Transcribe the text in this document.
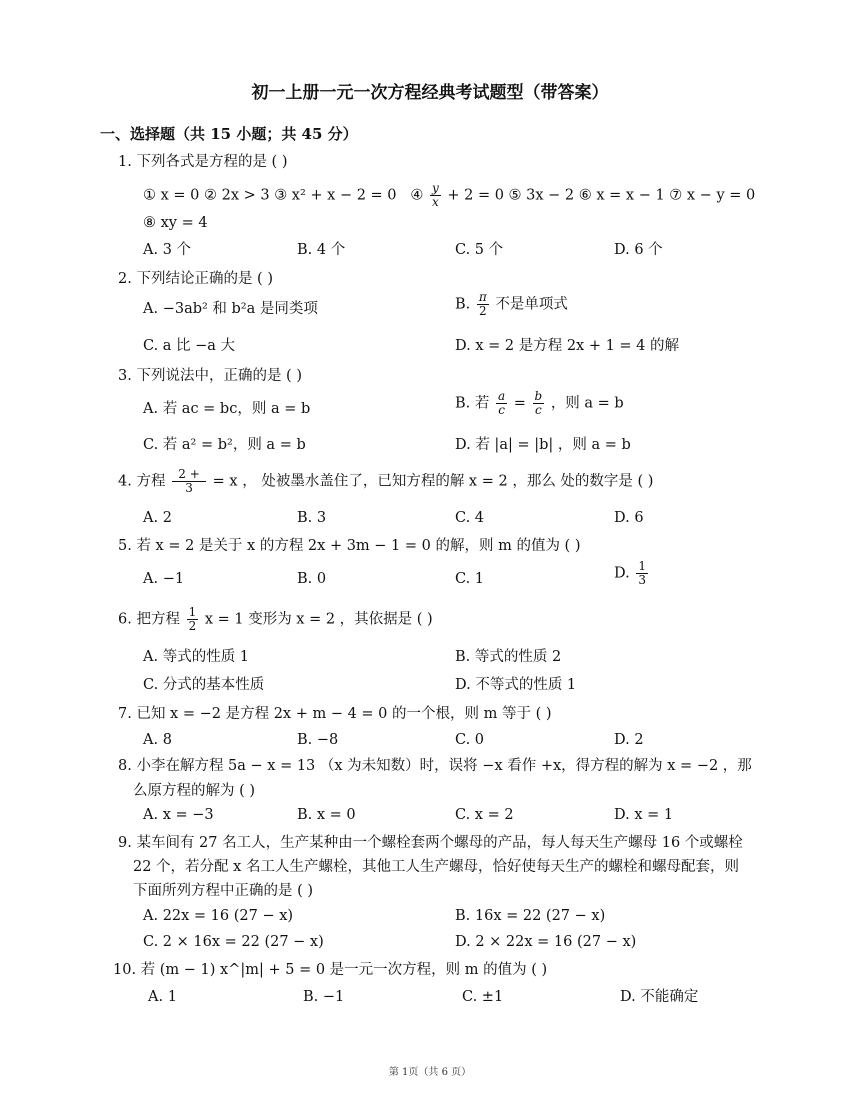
初一上册一元一次方程经典考试题型（带答案）
一、选择题（共 15 小题；共 45 分）
1. 下列各式是方程的是 ( )
① x = 0 ② 2x > 3 ③ x² + x − 2 = 0 ④ $\frac{y}{x} + 2 = 0$ ⑤ 3x − 2 ⑥ x = x − 1 ⑦ x − y = 0
⑧ xy = 4
A. 3 个	B. 4 个	C. 5 个	D. 6 个
2. 下列结论正确的是 ( )
A. −3ab² 和 b²a 是同类项	B. $\frac{\pi}{2}$ 不是单项式
C. a 比 −a 大	D. x = 2 是方程 2x + 1 = 4 的解
3. 下列说法中，正确的是 ( )
A. 若 ac = bc，则 a = b	B. 若 $\frac{a}{c} = \frac{b}{c}$ ，则 a = b
C. 若 a² = b²，则 a = b	D. 若 |a| = |b| ，则 a = b
4. 方程 $\frac{2 +}{3} = x$ ， 处被墨水盖住了，已知方程的解 x = 2 ，那么 处的数字是 ( )
A. 2	B. 3	C. 4	D. 6
5. 若 x = 2 是关于 x 的方程 2x + 3m − 1 = 0 的解，则 m 的值为 ( )
A. −1	B. 0	C. 1	D. $\frac{1}{3}$
6. 把方程 $\frac{1}{2}$ x = 1 变形为 x = 2 ，其依据是 ( )
A. 等式的性质 1	B. 等式的性质 2
C. 分式的基本性质	D. 不等式的性质 1
7. 已知 x = −2 是方程 2x + m − 4 = 0 的一个根，则 m 等于 ( )
A. 8	B. −8	C. 0	D. 2
8. 小李在解方程 5a − x = 13 （x 为未知数）时，误将 −x 看作 +x，得方程的解为 x = −2 ，那
么原方程的解为 ( )
A. x = −3	B. x = 0	C. x = 2	D. x = 1
9. 某车间有 27 名工人，生产某种由一个螺栓套两个螺母的产品，每人每天生产螺母 16 个或螺栓
22 个，若分配 x 名工人生产螺栓，其他工人生产螺母，恰好使每天生产的螺栓和螺母配套，则
下面所列方程中正确的是 ( )
A. 22x = 16 (27 − x)	B. 16x = 22 (27 − x)
C. 2 × 16x = 22 (27 − x)	D. 2 × 22x = 16 (27 − x)
10. 若 (m − 1) x^|m| + 5 = 0 是一元一次方程，则 m 的值为 ( )
A. 1	B. −1	C. ±1	D. 不能确定
第 1页（共 6 页）
